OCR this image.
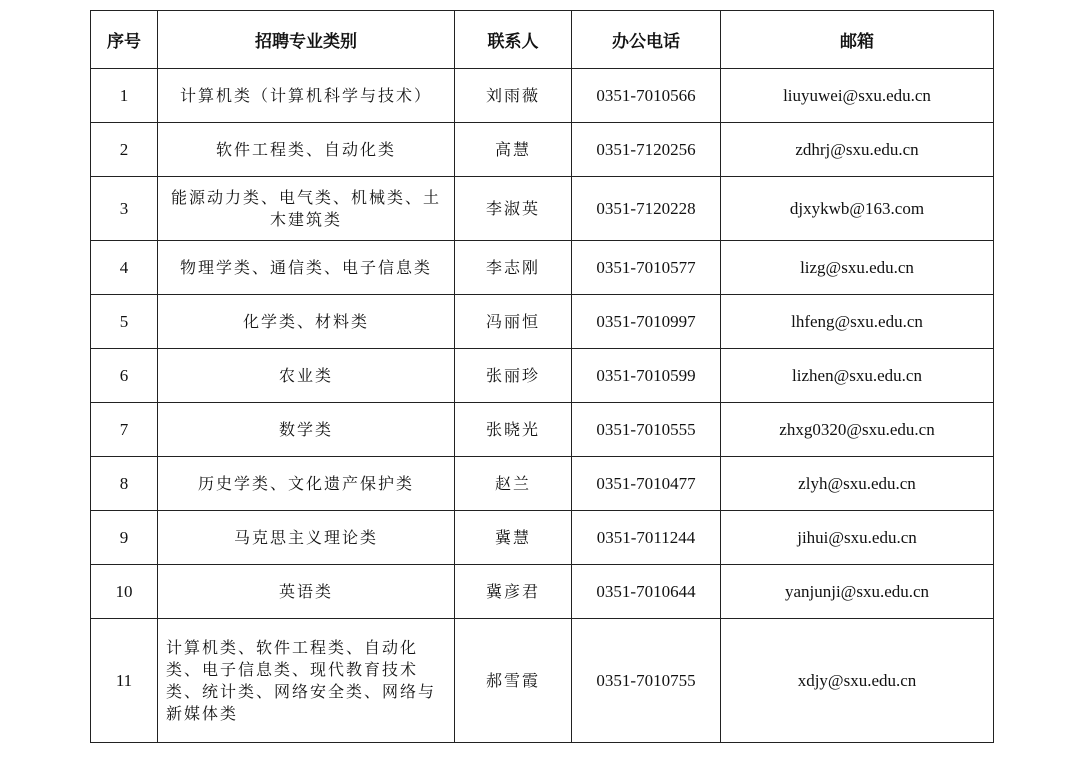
序号	招聘专业类别	联系人	办公电话	邮箱
1	计算机类（计算机科学与技术）	刘雨薇	0351-7010566	liuyuwei@sxu.edu.cn
2	软件工程类、自动化类	高慧	0351-7120256	zdhrj@sxu.edu.cn
3	能源动力类、电气类、机械类、土木建筑类	李淑英	0351-7120228	djxykwb@163.com
4	物理学类、通信类、电子信息类	李志刚	0351-7010577	lizg@sxu.edu.cn
5	化学类、材料类	冯丽恒	0351-7010997	lhfeng@sxu.edu.cn
6	农业类	张丽珍	0351-7010599	lizhen@sxu.edu.cn
7	数学类	张晓光	0351-7010555	zhxg0320@sxu.edu.cn
8	历史学类、文化遗产保护类	赵兰	0351-7010477	zlyh@sxu.edu.cn
9	马克思主义理论类	冀慧	0351-7011244	jihui@sxu.edu.cn
10	英语类	冀彦君	0351-7010644	yanjunji@sxu.edu.cn
11	计算机类、软件工程类、自动化类、电子信息类、现代教育技术类、统计类、网络安全类、网络与新媒体类	郝雪霞	0351-7010755	xdjy@sxu.edu.cn
